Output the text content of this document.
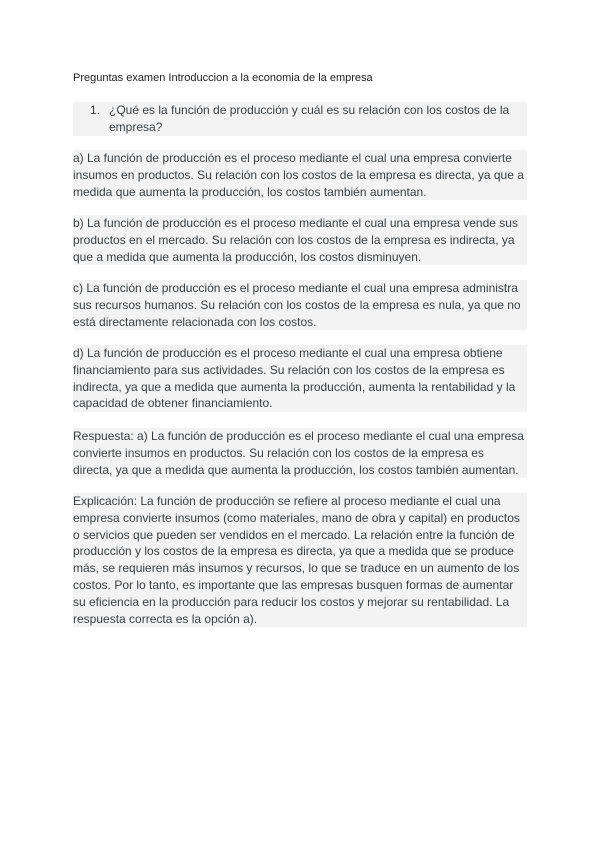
Preguntas examen Introduccion a la economia de la empresa
1. ¿Qué es la función de producción y cuál es su relación con los costos de la empresa?
a) La función de producción es el proceso mediante el cual una empresa convierte insumos en productos. Su relación con los costos de la empresa es directa, ya que a medida que aumenta la producción, los costos también aumentan.
b) La función de producción es el proceso mediante el cual una empresa vende sus productos en el mercado. Su relación con los costos de la empresa es indirecta, ya que a medida que aumenta la producción, los costos disminuyen.
c) La función de producción es el proceso mediante el cual una empresa administra sus recursos humanos. Su relación con los costos de la empresa es nula, ya que no está directamente relacionada con los costos.
d) La función de producción es el proceso mediante el cual una empresa obtiene financiamiento para sus actividades. Su relación con los costos de la empresa es indirecta, ya que a medida que aumenta la producción, aumenta la rentabilidad y la capacidad de obtener financiamiento.
Respuesta: a) La función de producción es el proceso mediante el cual una empresa convierte insumos en productos. Su relación con los costos de la empresa es directa, ya que a medida que aumenta la producción, los costos también aumentan.
Explicación: La función de producción se refiere al proceso mediante el cual una empresa convierte insumos (como materiales, mano de obra y capital) en productos o servicios que pueden ser vendidos en el mercado. La relación entre la función de producción y los costos de la empresa es directa, ya que a medida que se produce más, se requieren más insumos y recursos, lo que se traduce en un aumento de los costos. Por lo tanto, es importante que las empresas busquen formas de aumentar su eficiencia en la producción para reducir los costos y mejorar su rentabilidad. La respuesta correcta es la opción a).
